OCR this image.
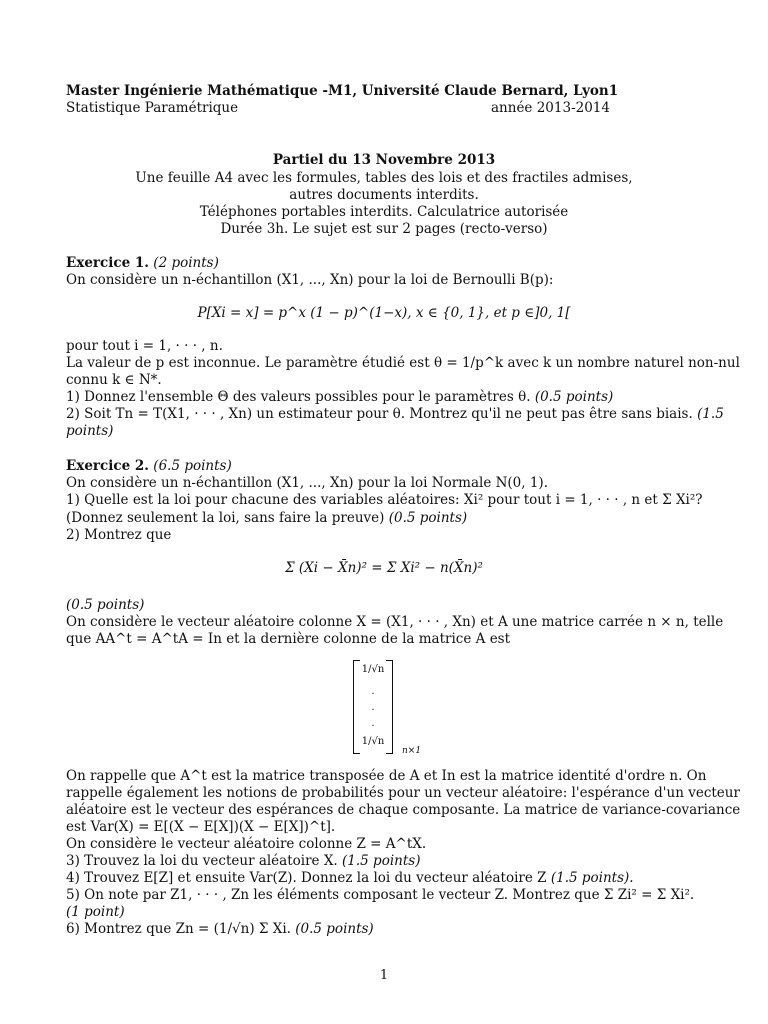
Master Ingénierie Mathématique -M1, Université Claude Bernard, Lyon1
Statistique Paramétrique	année 2013-2014
Partiel du 13 Novembre 2013
Une feuille A4 avec les formules, tables des lois et des fractiles admises,
autres documents interdits.
Téléphones portables interdits. Calculatrice autorisée
Durée 3h. Le sujet est sur 2 pages (recto-verso)
Exercice 1. (2 points)
On considère un n-échantillon (X1, ..., Xn) pour la loi de Bernoulli B(p):
P[Xi = x] = p^x (1 − p)^(1−x), x ∈ {0, 1}, et p ∈]0, 1[
pour tout i = 1, · · · , n.
La valeur de p est inconnue. Le paramètre étudié est θ = 1/p^k avec k un nombre naturel non-nul
connu k ∈ N*.
1) Donnez l'ensemble Θ des valeurs possibles pour le paramètres θ. (0.5 points)
2) Soit Tn = T(X1, · · · , Xn) un estimateur pour θ. Montrez qu'il ne peut pas être sans biais. (1.5
points)
Exercice 2. (6.5 points)
On considère un n-échantillon (X1, ..., Xn) pour la loi Normale N(0, 1).
1) Quelle est la loi pour chacune des variables aléatoires: Xi² pour tout i = 1, · · · , n et Σ Xi²?
(Donnez seulement la loi, sans faire la preuve) (0.5 points)
2) Montrez que
Σ (Xi − X̄n)² = Σ Xi² − n(X̄n)²
(0.5 points)
On considère le vecteur aléatoire colonne X = (X1, · · · , Xn) et A une matrice carrée n × n, telle
que AA^t = A^tA = In et la dernière colonne de la matrice A est
1/√n
.
.
.
1/√n
n×1
On rappelle que A^t est la matrice transposée de A et In est la matrice identité d'ordre n. On
rappelle également les notions de probabilités pour un vecteur aléatoire: l'espérance d'un vecteur
aléatoire est le vecteur des espérances de chaque composante. La matrice de variance-covariance
est Var(X) = E[(X − E[X])(X − E[X])^t].
On considère le vecteur aléatoire colonne Z = A^tX.
3) Trouvez la loi du vecteur aléatoire X. (1.5 points)
4) Trouvez E[Z] et ensuite Var(Z). Donnez la loi du vecteur aléatoire Z (1.5 points).
5) On note par Z1, · · · , Zn les éléments composant le vecteur Z. Montrez que Σ Zi² = Σ Xi².
(1 point)
6) Montrez que Zn = (1/√n) Σ Xi. (0.5 points)
1
